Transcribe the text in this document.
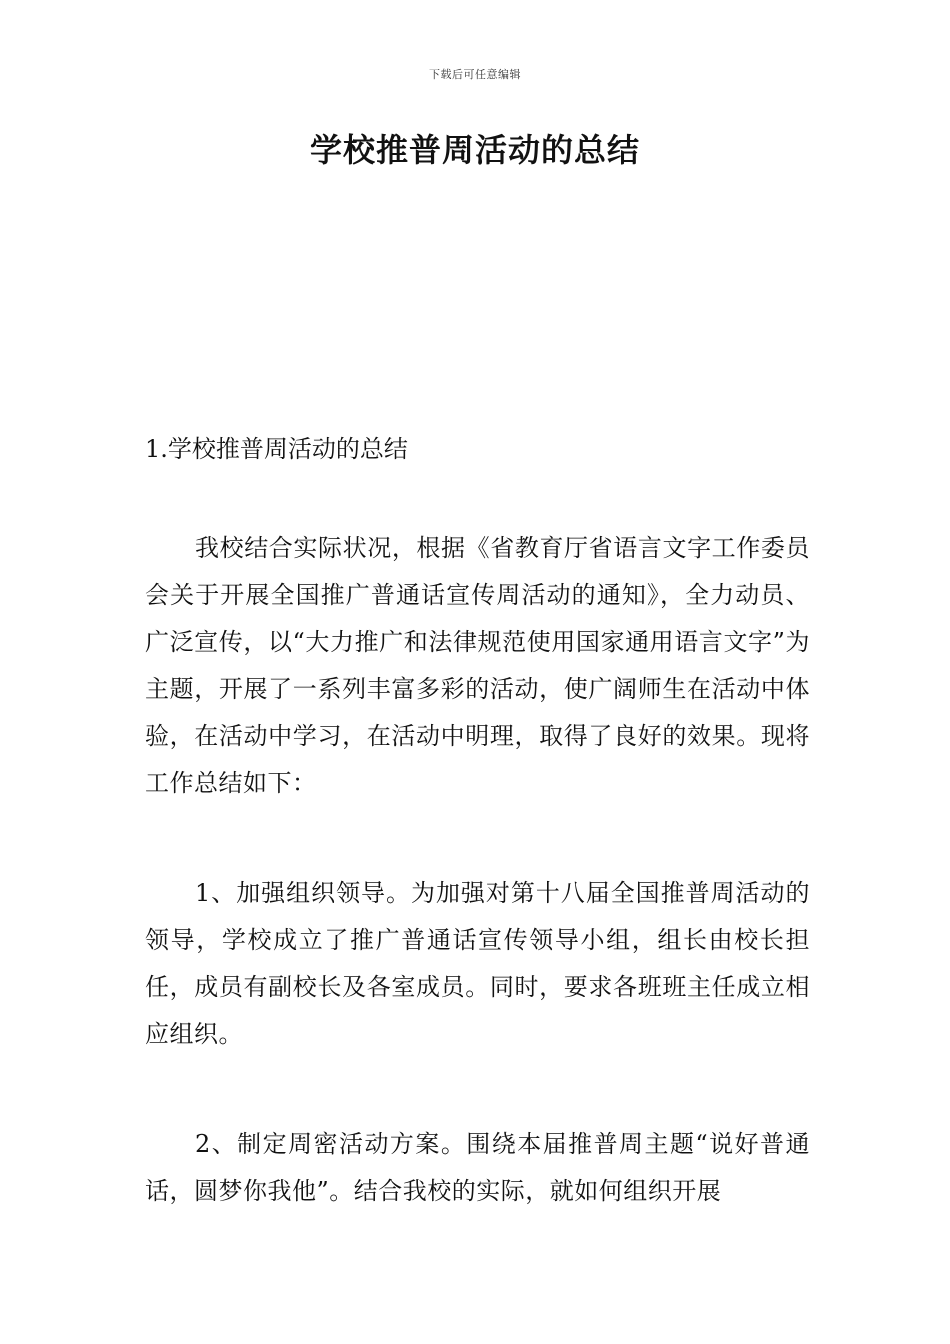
下载后可任意编辑
学校推普周活动的总结
1.学校推普周活动的总结

我校结合实际状况，根据《省教育厅省语言文字工作委员会关于开展全国推广普通话宣传周活动的通知》，全力动员、广泛宣传，以“大力推广和法律规范使用国家通用语言文字”为主题，开展了一系列丰富多彩的活动，使广阔师生在活动中体验，在活动中学习，在活动中明理，取得了良好的效果。现将工作总结如下：

1、加强组织领导。为加强对第十八届全国推普周活动的领导，学校成立了推广普通话宣传领导小组，组长由校长担任，成员有副校长及各室成员。同时，要求各班班主任成立相应组织。

2、制定周密活动方案。围绕本届推普周主题“说好普通话，圆梦你我他”。结合我校的实际，就如何组织开展
